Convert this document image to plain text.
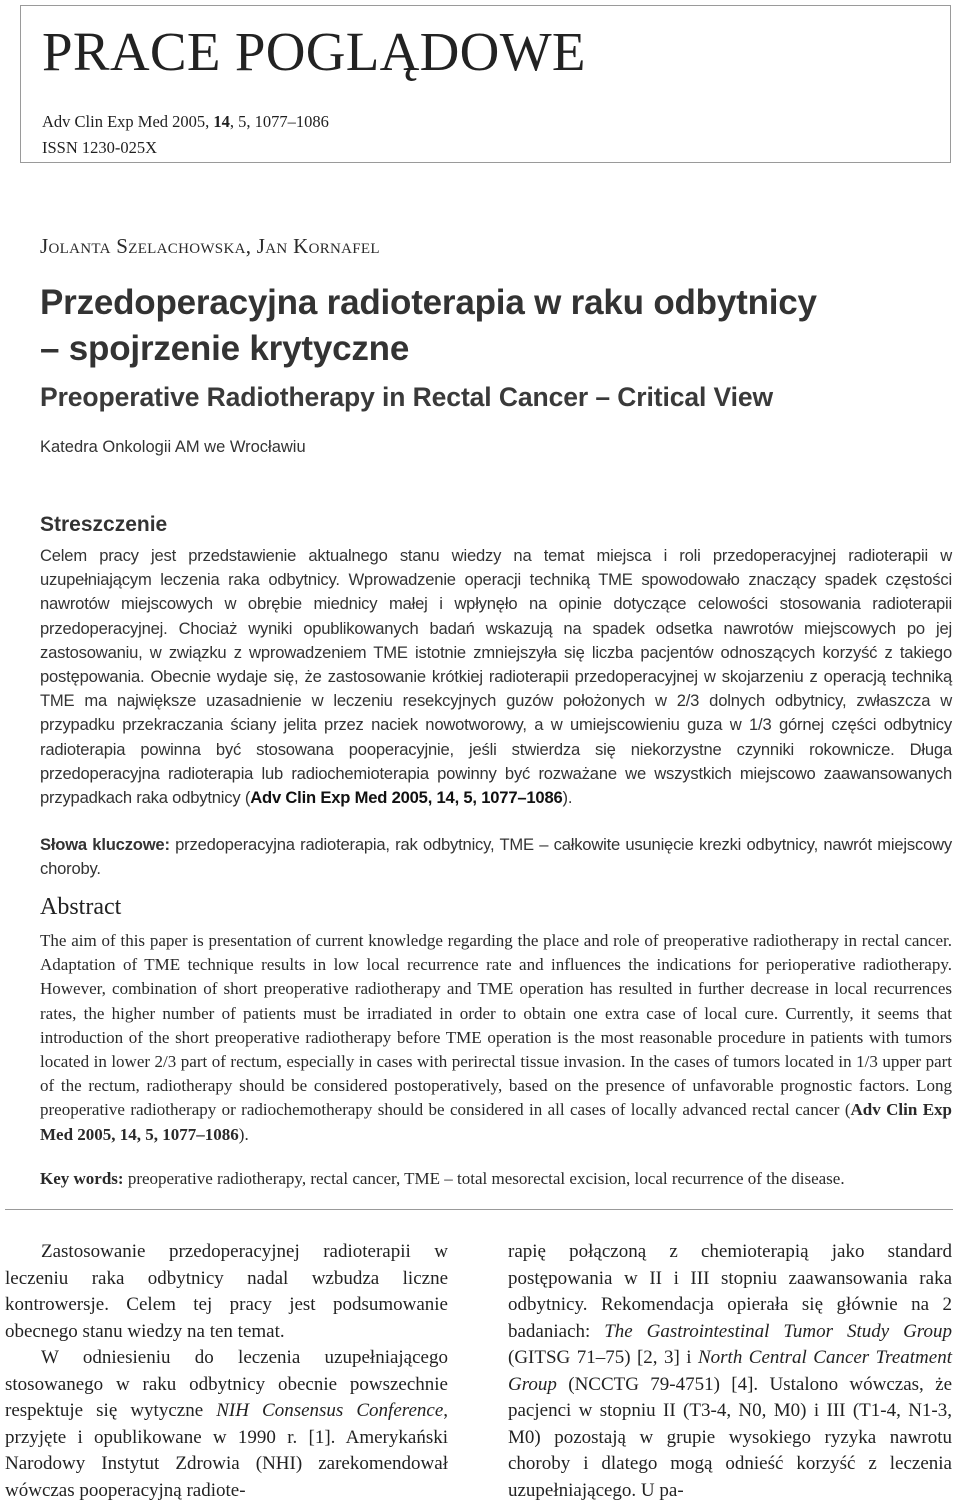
PRACE POGLĄDOWE
Adv Clin Exp Med 2005, 14, 5, 1077–1086
ISSN 1230-025X
Jolanta Szelachowska, Jan Kornafel
Przedoperacyjna radioterapia w raku odbytnicy
– spojrzenie krytyczne
Preoperative Radiotherapy in Rectal Cancer – Critical View
Katedra Onkologii AM we Wrocławiu
Streszczenie
Celem pracy jest przedstawienie aktualnego stanu wiedzy na temat miejsca i roli przedoperacyjnej radioterapii w uzupełniającym leczenia raka odbytnicy. Wprowadzenie operacji techniką TME spowodowało znaczący spadek częstości nawrotów miejscowych w obrębie miednicy małej i wpłynęło na opinie dotyczące celowości stosowania radioterapii przedoperacyjnej. Chociaż wyniki opublikowanych badań wskazują na spadek odsetka nawrotów miejscowych po jej zastosowaniu, w związku z wprowadzeniem TME istotnie zmniejszyła się liczba pacjentów odnoszących korzyść z takiego postępowania. Obecnie wydaje się, że zastosowanie krótkiej radioterapii przedoperacyjnej w skojarzeniu z operacją techniką TME ma największe uzasadnienie w leczeniu resekcyjnych guzów położonych w 2/3 dolnych odbytnicy, zwłaszcza w przypadku przekraczania ściany jelita przez naciek nowotworowy, a w umiejscowieniu guza w 1/3 górnej części odbytnicy radioterapia powinna być stosowana pooperacyjnie, jeśli stwierdza się niekorzystne czynniki rokownicze. Długa przedoperacyjna radioterapia lub radiochemioterapia powinny być rozważane we wszystkich miejscowo zaawansowanych przypadkach raka odbytnicy (Adv Clin Exp Med 2005, 14, 5, 1077–1086).
Słowa kluczowe: przedoperacyjna radioterapia, rak odbytnicy, TME – całkowite usunięcie krezki odbytnicy, nawrót miejscowy choroby.
Abstract
The aim of this paper is presentation of current knowledge regarding the place and role of preoperative radiotherapy in rectal cancer. Adaptation of TME technique results in low local recurrence rate and influences the indications for perioperative radiotherapy. However, combination of short preoperative radiotherapy and TME operation has resulted in further decrease in local recurrences rates, the higher number of patients must be irradiated in order to obtain one extra case of local cure. Currently, it seems that introduction of the short preoperative radiotherapy before TME operation is the most reasonable procedure in patients with tumors located in lower 2/3 part of rectum, especially in cases with perirectal tissue invasion. In the cases of tumors located in 1/3 upper part of the rectum, radiotherapy should be considered postoperatively, based on the presence of unfavorable prognostic factors. Long preoperative radiotherapy or radiochemotherapy should be considered in all cases of locally advanced rectal cancer (Adv Clin Exp Med 2005, 14, 5, 1077–1086).
Key words: preoperative radiotherapy, rectal cancer, TME – total mesorectal excision, local recurrence of the disease.

Zastosowanie przedoperacyjnej radioterapii w leczeniu raka odbytnicy nadal wzbudza liczne kontrowersje. Celem tej pracy jest podsumowanie obecnego stanu wiedzy na ten temat.

W odniesieniu do leczenia uzupełniającego stosowanego w raku odbytnicy obecnie powszechnie respektuje się wytyczne NIH Consensus Conference, przyjęte i opublikowane w 1990 r. [1]. Amerykański Narodowy Instytut Zdrowia (NHI) zarekomendował wówczas pooperacyjną radiote-

rapię połączoną z chemioterapią jako standard postępowania w II i III stopniu zaawansowania raka odbytnicy. Rekomendacja opierała się głównie na 2 badaniach: The Gastrointestinal Tumor Study Group (GITSG 71–75) [2, 3] i North Central Cancer Treatment Group (NCCTG 79-4751) [4]. Ustalono wówczas, że pacjenci w stopniu II (T3-4, N0, M0) i III (T1-4, N1-3, M0) pozostają w grupie wysokiego ryzyka nawrotu choroby i dlatego mogą odnieść korzyść z leczenia uzupełniającego. U pa-
